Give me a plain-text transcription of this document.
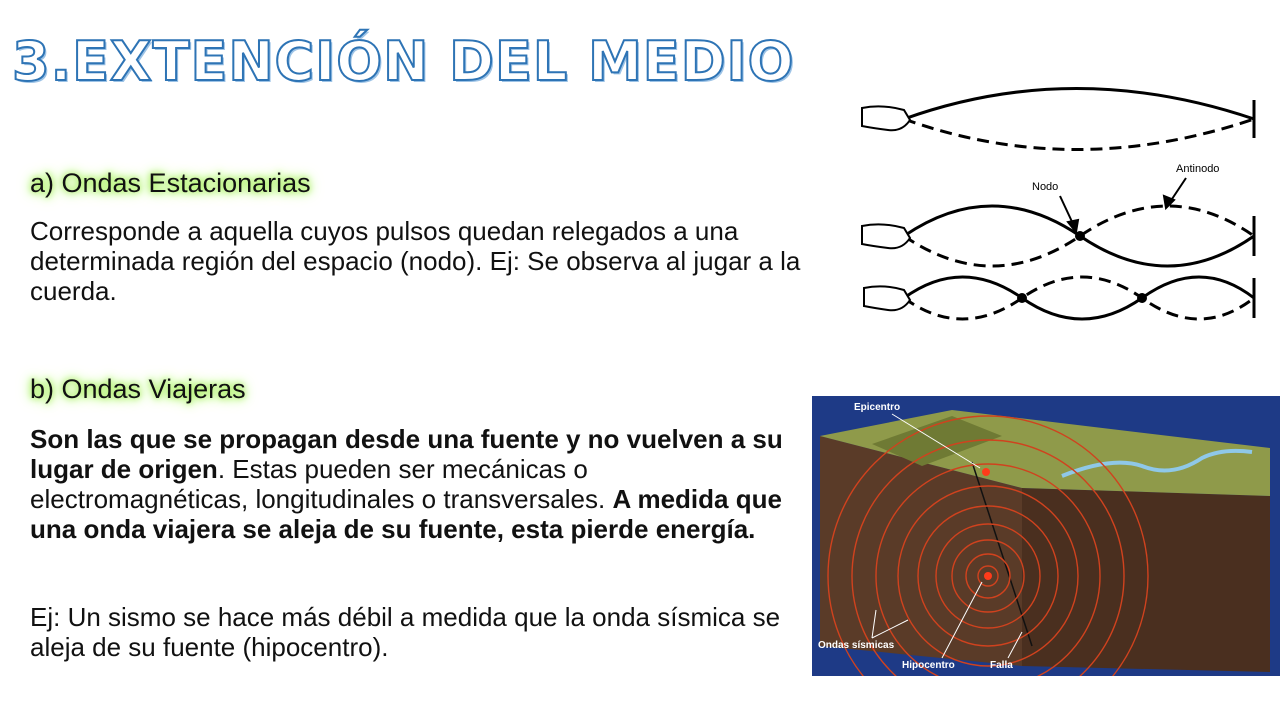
3.EXTENCIÓN DEL MEDIO
a) Ondas Estacionarias
Corresponde a aquella cuyos pulsos quedan relegados a una determinada región del espacio (nodo). Ej: Se observa al jugar a la cuerda.
b) Ondas Viajeras
Son las que se propagan desde una fuente y no vuelven a su lugar de origen. Estas pueden ser mecánicas o electromagnéticas, longitudinales o transversales. A medida que una onda viajera se aleja de su fuente, esta pierde energía.
Ej: Un sismo se hace más débil a medida que la onda sísmica se aleja de su fuente (hipocentro).
Nodo
Antinodo
Epicentro
Ondas sísmicas
Hipocentro	Falla
